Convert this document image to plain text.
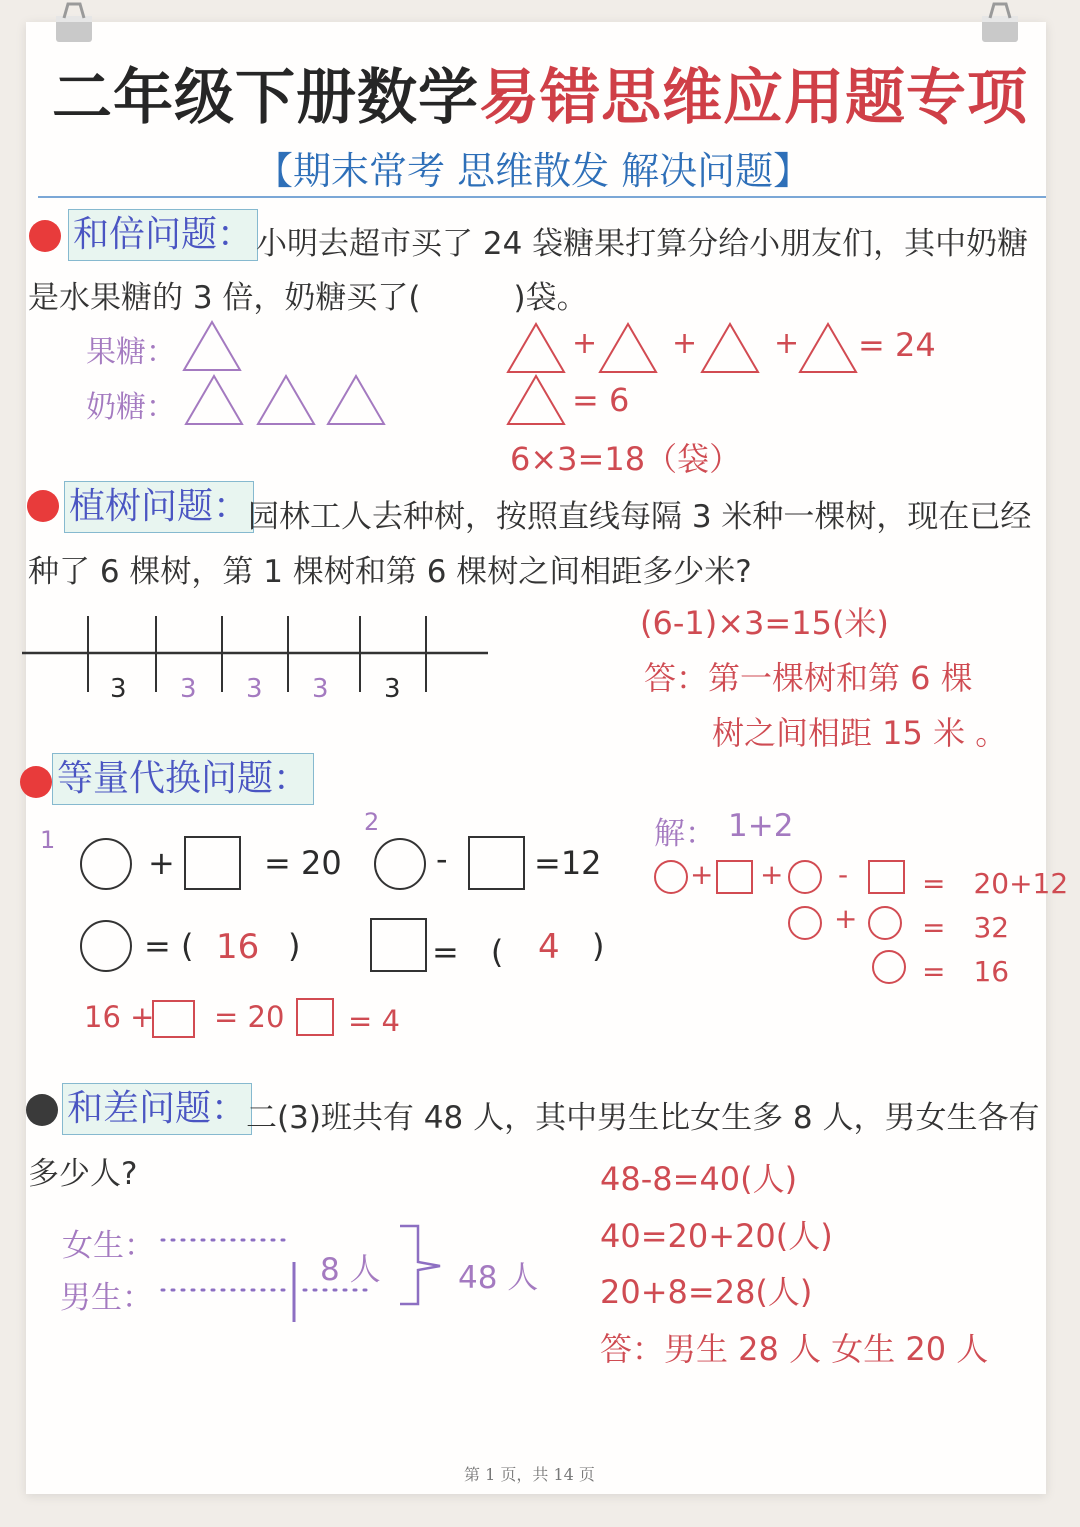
二年级下册数学易错思维应用题专项
【期末常考 思维散发 解决问题】
和倍问题： 小明去超市买了 24 袋糖果打算分给小朋友们，其中奶糖
是水果糖的 3 倍，奶糖买了(　　　)袋。
果糖：
奶糖：
+ +	+ = 24
= 6
6×3=18（袋）
植树问题：
园林工人去种树，按照直线每隔 3 米种一棵树，现在已经
种了 6 棵树，第 1 棵树和第 6 棵树之间相距多少米?
3 3 3 3 3
(6-1)×3=15(米)
答：第一棵树和第 6 棵
树之间相距 15 米 。
等量代换问题：
1
2
+	= 20	-	=12
= ( 16 )	=　( 4 )
16 + = 20 = 4
解： 1+2
+ + -	=　20+12
+ =　32
=　16
和差问题：
二(3)班共有 48 人，其中男生比女生多 8 人，男女生各有
多少人?
女生：
男生：
8 人 48 人
48-8=40(人)
40=20+20(人)
20+8=28(人)
答：男生 28 人 女生 20 人
第 1 页，共 14 页
